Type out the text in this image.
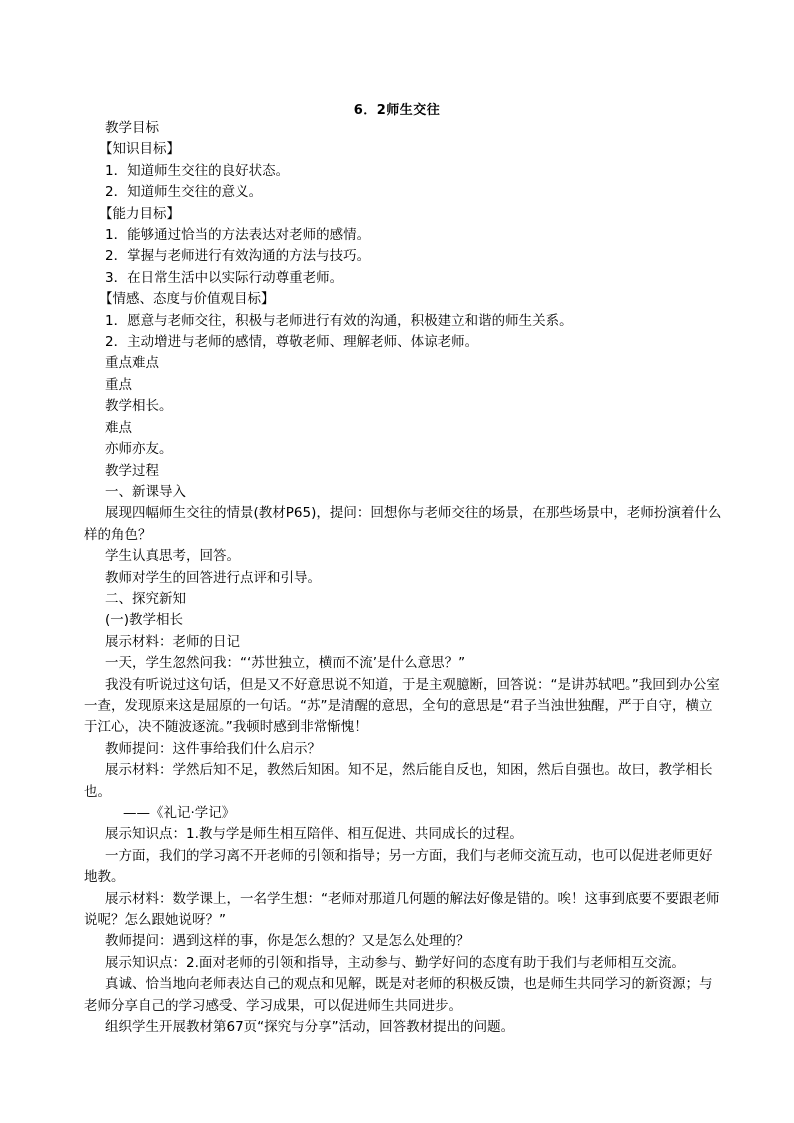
6．2师生交往

教学目标

【知识目标】

1．知道师生交往的良好状态。

2．知道师生交往的意义。

【能力目标】

1．能够通过恰当的方法表达对老师的感情。

2．掌握与老师进行有效沟通的方法与技巧。

3．在日常生活中以实际行动尊重老师。

【情感、态度与价值观目标】

1．愿意与老师交往，积极与老师进行有效的沟通，积极建立和谐的师生关系。

2．主动增进与老师的感情，尊敬老师、理解老师、体谅老师。

重点难点

重点

教学相长。

难点

亦师亦友。

教学过程

一、新课导入

展现四幅师生交往的情景(教材P65)，提问：回想你与老师交往的场景，在那些场景中，老师扮演着什么样的角色？

学生认真思考，回答。

教师对学生的回答进行点评和引导。

二、探究新知

(一)教学相长

展示材料：老师的日记

一天，学生忽然问我：“‘苏世独立，横而不流’是什么意思？”

我没有听说过这句话，但是又不好意思说不知道，于是主观臆断，回答说：“是讲苏轼吧。”我回到办公室一查，发现原来这是屈原的一句话。“苏”是清醒的意思，全句的意思是“君子当浊世独醒，严于自守，横立于江心，决不随波逐流。”我顿时感到非常惭愧！

教师提问：这件事给我们什么启示？

展示材料：学然后知不足，教然后知困。知不足，然后能自反也，知困，然后自强也。故曰，教学相长也。

——《礼记·学记》

展示知识点：1.教与学是师生相互陪伴、相互促进、共同成长的过程。

一方面，我们的学习离不开老师的引领和指导；另一方面，我们与老师交流互动，也可以促进老师更好地教。

展示材料：数学课上，一名学生想：“老师对那道几何题的解法好像是错的。唉！这事到底要不要跟老师说呢？怎么跟她说呀？”

教师提问：遇到这样的事，你是怎么想的？又是怎么处理的？

展示知识点：2.面对老师的引领和指导，主动参与、勤学好问的态度有助于我们与老师相互交流。

真诚、恰当地向老师表达自己的观点和见解，既是对老师的积极反馈，也是师生共同学习的新资源；与老师分享自己的学习感受、学习成果，可以促进师生共同进步。

组织学生开展教材第67页“探究与分享”活动，回答教材提出的问题。
